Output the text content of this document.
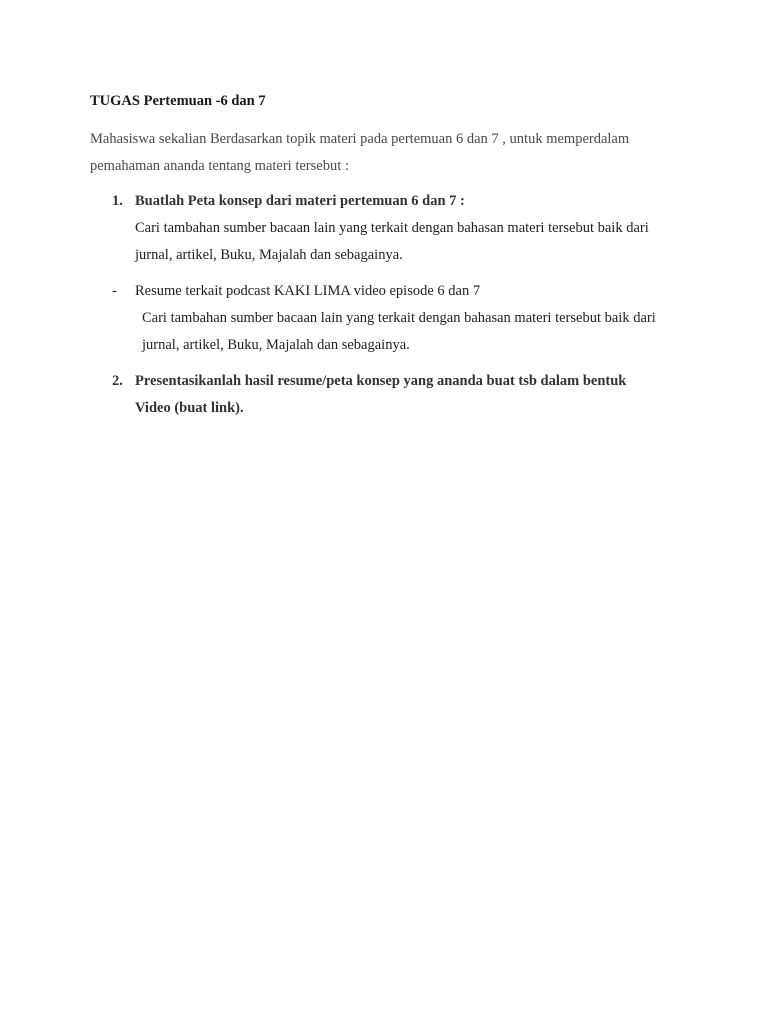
TUGAS Pertemuan -6 dan 7
Mahasiswa sekalian Berdasarkan topik materi pada pertemuan 6 dan 7 , untuk memperdalam
pemahaman ananda tentang materi tersebut :
1. Buatlah Peta konsep dari materi pertemuan 6 dan 7 :
Cari tambahan sumber bacaan lain yang terkait dengan bahasan materi tersebut baik dari
jurnal, artikel, Buku, Majalah dan sebagainya.
- Resume terkait podcast KAKI LIMA video episode 6 dan 7
Cari tambahan sumber bacaan lain yang terkait dengan bahasan materi tersebut baik dari
jurnal, artikel, Buku, Majalah dan sebagainya.
2. Presentasikanlah hasil resume/peta konsep yang ananda buat tsb dalam bentuk
Video (buat link).
